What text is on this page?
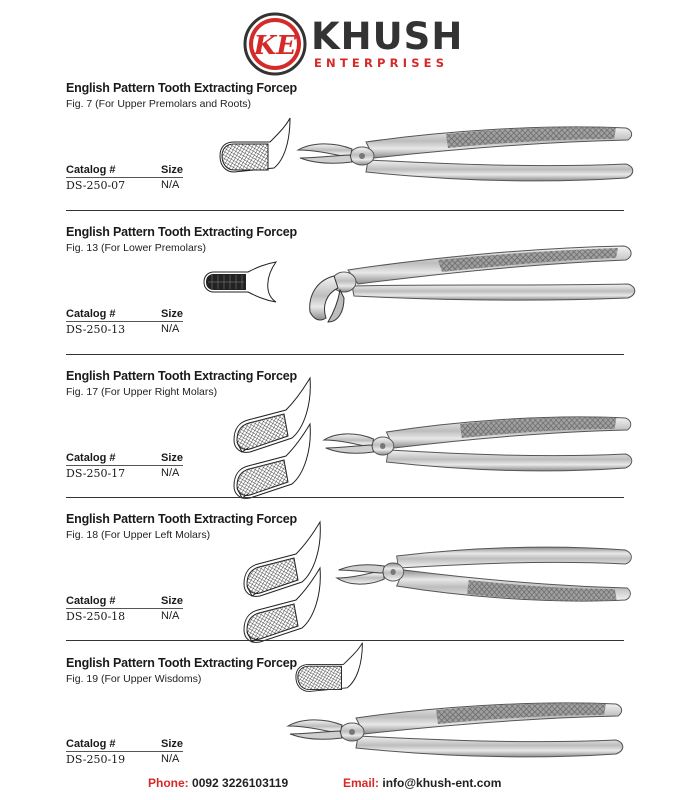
KE KHUSH
ENTERPRISES
English Pattern Tooth Extracting Forcep
Fig. 7 (For Upper Premolars and Roots)
Catalog #	Size
DS-250-07	N/A
English Pattern Tooth Extracting Forcep
Fig. 13 (For Lower Premolars)
Catalog #	Size
DS-250-13	N/A
English Pattern Tooth Extracting Forcep
Fig. 17 (For Upper Right Molars)
Catalog #	Size
DS-250-17	N/A
English Pattern Tooth Extracting Forcep
Fig. 18 (For Upper Left Molars)
Catalog #	Size
DS-250-18	N/A
English Pattern Tooth Extracting Forcep
Fig. 19 (For Upper Wisdoms)
Catalog #	Size
DS-250-19	N/A
Phone: 0092 3226103119	Email: info@khush-ent.com
